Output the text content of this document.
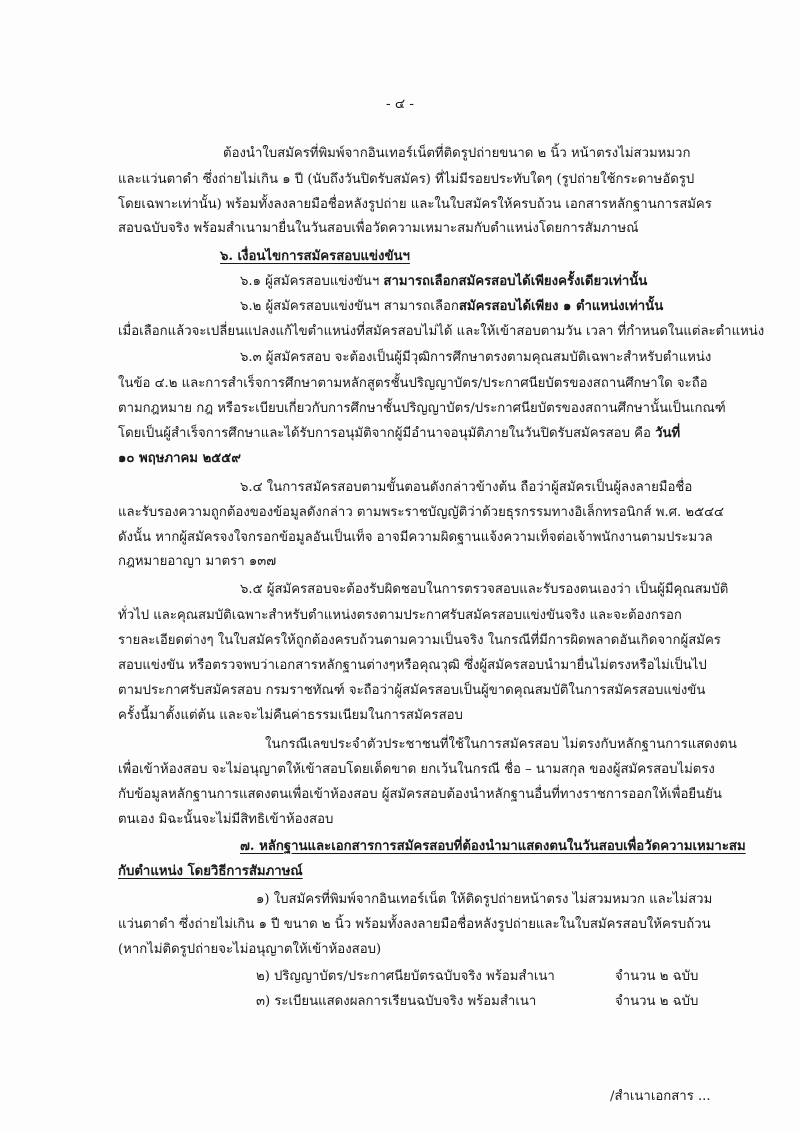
- ๔ -
ต้องนำใบสมัครที่พิมพ์จากอินเทอร์เน็ตที่ติดรูปถ่ายขนาด ๒ นิ้ว หน้าตรงไม่สวมหมวก
และแว่นตาดำ ซึ่งถ่ายไม่เกิน ๑ ปี (นับถึงวันปิดรับสมัคร) ที่ไม่มีรอยประทับใดๆ (รูปถ่ายใช้กระดาษอัดรูป
โดยเฉพาะเท่านั้น) พร้อมทั้งลงลายมือชื่อหลังรูปถ่าย และในใบสมัครให้ครบถ้วน เอกสารหลักฐานการสมัคร
สอบฉบับจริง พร้อมสำเนามายื่นในวันสอบเพื่อวัดความเหมาะสมกับตำแหน่งโดยการสัมภาษณ์
๖. เงื่อนไขการสมัครสอบแข่งขันฯ
๖.๑ ผู้สมัครสอบแข่งขันฯ สามารถเลือกสมัครสอบได้เพียงครั้งเดียวเท่านั้น
๖.๒ ผู้สมัครสอบแข่งขันฯ สามารถเลือกสมัครสอบได้เพียง ๑ ตำแหน่งเท่านั้น
เมื่อเลือกแล้วจะเปลี่ยนแปลงแก้ไขตำแหน่งที่สมัครสอบไม่ได้ และให้เข้าสอบตามวัน เวลา ที่กำหนดในแต่ละตำแหน่ง
๖.๓ ผู้สมัครสอบ จะต้องเป็นผู้มีวุฒิการศึกษาตรงตามคุณสมบัติเฉพาะสำหรับตำแหน่ง
ในข้อ ๔.๒ และการสำเร็จการศึกษาตามหลักสูตรชั้นปริญญาบัตร/ประกาศนียบัตรของสถานศึกษาใด จะถือ
ตามกฎหมาย กฎ หรือระเบียบเกี่ยวกับการศึกษาชั้นปริญญาบัตร/ประกาศนียบัตรของสถานศึกษานั้นเป็นเกณฑ์
โดยเป็นผู้สำเร็จการศึกษาและได้รับการอนุมัติจากผู้มีอำนาจอนุมัติภายในวันปิดรับสมัครสอบ คือ วันที่
๑๐ พฤษภาคม ๒๕๕๙
๖.๔ ในการสมัครสอบตามขั้นตอนดังกล่าวข้างต้น ถือว่าผู้สมัครเป็นผู้ลงลายมือชื่อ
และรับรองความถูกต้องของข้อมูลดังกล่าว ตามพระราชบัญญัติว่าด้วยธุรกรรมทางอิเล็กทรอนิกส์ พ.ศ. ๒๕๔๔
ดังนั้น หากผู้สมัครจงใจกรอกข้อมูลอันเป็นเท็จ อาจมีความผิดฐานแจ้งความเท็จต่อเจ้าพนักงานตามประมวล
กฎหมายอาญา มาตรา ๑๓๗
๖.๕ ผู้สมัครสอบจะต้องรับผิดชอบในการตรวจสอบและรับรองตนเองว่า เป็นผู้มีคุณสมบัติ
ทั่วไป และคุณสมบัติเฉพาะสำหรับตำแหน่งตรงตามประกาศรับสมัครสอบแข่งขันจริง และจะต้องกรอก
รายละเอียดต่างๆ ในใบสมัครให้ถูกต้องครบถ้วนตามความเป็นจริง ในกรณีที่มีการผิดพลาดอันเกิดจากผู้สมัคร
สอบแข่งขัน หรือตรวจพบว่าเอกสารหลักฐานต่างๆหรือคุณวุฒิ ซึ่งผู้สมัครสอบนำมายื่นไม่ตรงหรือไม่เป็นไป
ตามประกาศรับสมัครสอบ กรมราชทัณฑ์ จะถือว่าผู้สมัครสอบเป็นผู้ขาดคุณสมบัติในการสมัครสอบแข่งขัน
ครั้งนี้มาตั้งแต่ต้น และจะไม่คืนค่าธรรมเนียมในการสมัครสอบ
ในกรณีเลขประจำตัวประชาชนที่ใช้ในการสมัครสอบ ไม่ตรงกับหลักฐานการแสดงตน
เพื่อเข้าห้องสอบ จะไม่อนุญาตให้เข้าสอบโดยเด็ดขาด ยกเว้นในกรณี ชื่อ – นามสกุล ของผู้สมัครสอบไม่ตรง
กับข้อมูลหลักฐานการแสดงตนเพื่อเข้าห้องสอบ ผู้สมัครสอบต้องนำหลักฐานอื่นที่ทางราชการออกให้เพื่อยืนยัน
ตนเอง มิฉะนั้นจะไม่มีสิทธิเข้าห้องสอบ
๗. หลักฐานและเอกสารการสมัครสอบที่ต้องนำมาแสดงตนในวันสอบเพื่อวัดความเหมาะสม
กับตำแหน่ง โดยวิธีการสัมภาษณ์
๑) ใบสมัครที่พิมพ์จากอินเทอร์เน็ต ให้ติดรูปถ่ายหน้าตรง ไม่สวมหมวก และไม่สวม
แว่นตาดำ ซึ่งถ่ายไม่เกิน ๑ ปี ขนาด ๒ นิ้ว พร้อมทั้งลงลายมือชื่อหลังรูปถ่ายและในใบสมัครสอบให้ครบถ้วน
(หากไม่ติดรูปถ่ายจะไม่อนุญาตให้เข้าห้องสอบ)
๒) ปริญญาบัตร/ประกาศนียบัตรฉบับจริง พร้อมสำเนา	จำนวน ๒ ฉบับ
๓) ระเบียนแสดงผลการเรียนฉบับจริง พร้อมสำเนา	จำนวน ๒ ฉบับ
/สำเนาเอกสาร ...
